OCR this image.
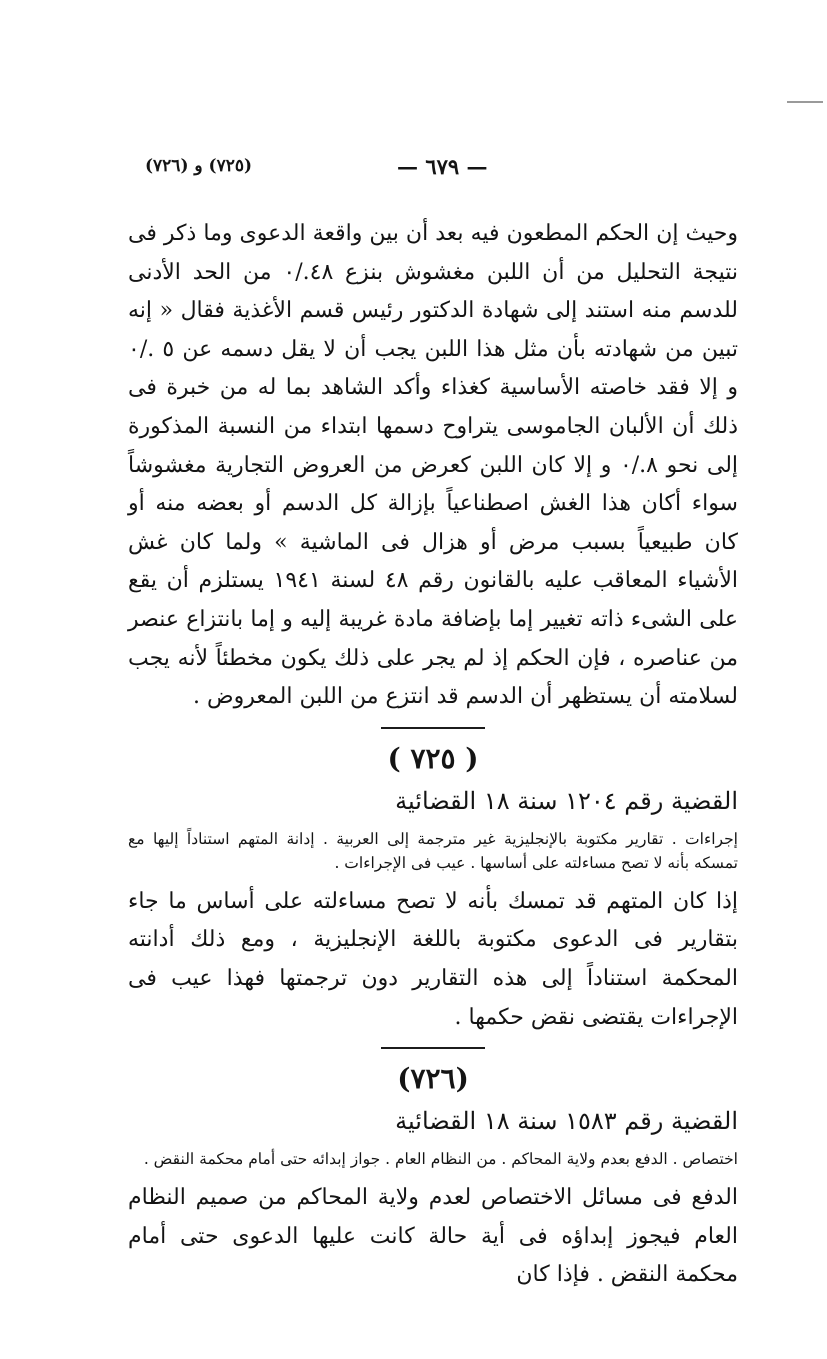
(٧٢٥) و (٧٢٦)	— ٦٧٩ —

وحيث إن الحكم المطعون فيه بعد أن بين واقعة الدعوى وما ذكر فى نتيجة التحليل من أن اللبن مغشوش بنزع ٤٨./٠ من الحد الأدنى للدسم منه استند إلى شهادة الدكتور رئيس قسم الأغذية فقال « إنه تبين من شهادته بأن مثل هذا اللبن يجب أن لا يقل دسمه عن ٥ ./٠ و إلا فقد خاصته الأساسية كغذاء وأكد الشاهد بما له من خبرة فى ذلك أن الألبان الجاموسى يتراوح دسمها ابتداء من النسبة المذكورة إلى نحو ٨./٠ و إلا كان اللبن كعرض من العروض التجارية مغشوشاً سواء أكان هذا الغش اصطناعياً بإزالة كل الدسم أو بعضه منه أو كان طبيعياً بسبب مرض أو هزال فى الماشية » ولما كان غش الأشياء المعاقب عليه بالقانون رقم ٤٨ لسنة ١٩٤١ يستلزم أن يقع على الشىء ذاته تغيير إما بإضافة مادة غريبة إليه و إما بانتزاع عنصر من عناصره ، فإن الحكم إذ لم يجر على ذلك يكون مخطئاً لأنه يجب لسلامته أن يستظهر أن الدسم قد انتزع من اللبن المعروض .

( ٧٢٥ )
القضية رقم ١٢٠٤ سنة ١٨ القضائية
إجراءات . تقارير مكتوبة بالإنجليزية غير مترجمة إلى العربية . إدانة المتهم استناداً إليها مع تمسكه بأنه لا تصح مساءلته على أساسها . عيب فى الإجراءات .

إذا كان المتهم قد تمسك بأنه لا تصح مساءلته على أساس ما جاء بتقارير فى الدعوى مكتوبة باللغة الإنجليزية ، ومع ذلك أدانته المحكمة استناداً إلى هذه التقارير دون ترجمتها فهذا عيب فى الإجراءات يقتضى نقض حكمها .

(٧٢٦)
القضية رقم ١٥٨٣ سنة ١٨ القضائية
اختصاص . الدفع بعدم ولاية المحاكم . من النظام العام . جواز إبدائه حتى أمام محكمة النقض .

الدفع فى مسائل الاختصاص لعدم ولاية المحاكم من صميم النظام العام فيجوز إبداؤه فى أية حالة كانت عليها الدعوى حتى أمام محكمة النقض . فإذا كان
